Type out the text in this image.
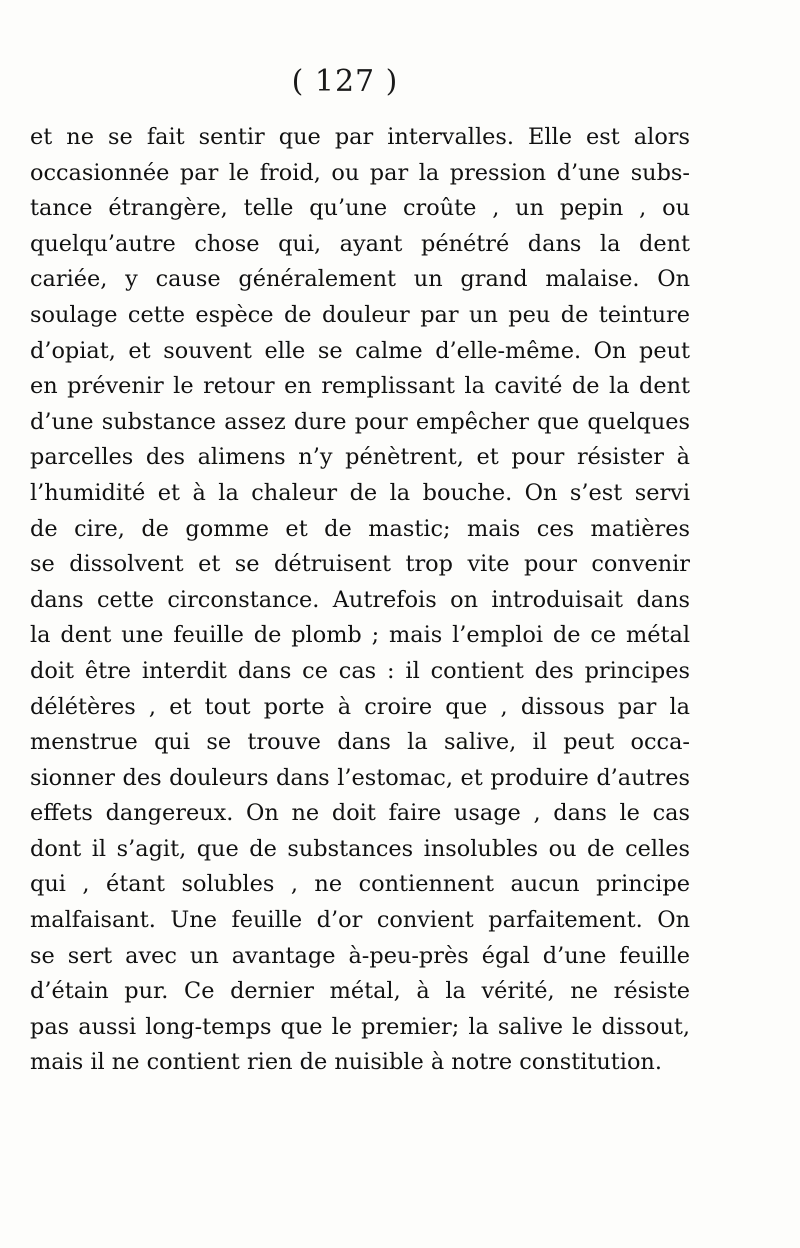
( 127 )
et ne se fait sentir que par intervalles. Elle est alors
occasionnée par le froid, ou par la pression d’une subs-
tance étrangère, telle qu’une croûte , un pepin , ou
quelqu’autre chose qui, ayant pénétré dans la dent
cariée, y cause généralement un grand malaise. On
soulage cette espèce de douleur par un peu de teinture
d’opiat, et souvent elle se calme d’elle-même. On peut
en prévenir le retour en remplissant la cavité de la dent
d’une substance assez dure pour empêcher que quelques
parcelles des alimens n’y pénètrent, et pour résister à
l’humidité et à la chaleur de la bouche. On s’est servi
de cire, de gomme et de mastic; mais ces matières
se dissolvent et se détruisent trop vite pour convenir
dans cette circonstance. Autrefois on introduisait dans
la dent une feuille de plomb ; mais l’emploi de ce métal
doit être interdit dans ce cas : il contient des principes
délétères , et tout porte à croire que , dissous par la
menstrue qui se trouve dans la salive, il peut occa-
sionner des douleurs dans l’estomac, et produire d’autres
effets dangereux. On ne doit faire usage , dans le cas
dont il s’agit, que de substances insolubles ou de celles
qui , étant solubles , ne contiennent aucun principe
malfaisant. Une feuille d’or convient parfaitement. On
se sert avec un avantage à-peu-près égal d’une feuille
d’étain pur. Ce dernier métal, à la vérité, ne résiste
pas aussi long-temps que le premier; la salive le dissout,
mais il ne contient rien de nuisible à notre constitution.
